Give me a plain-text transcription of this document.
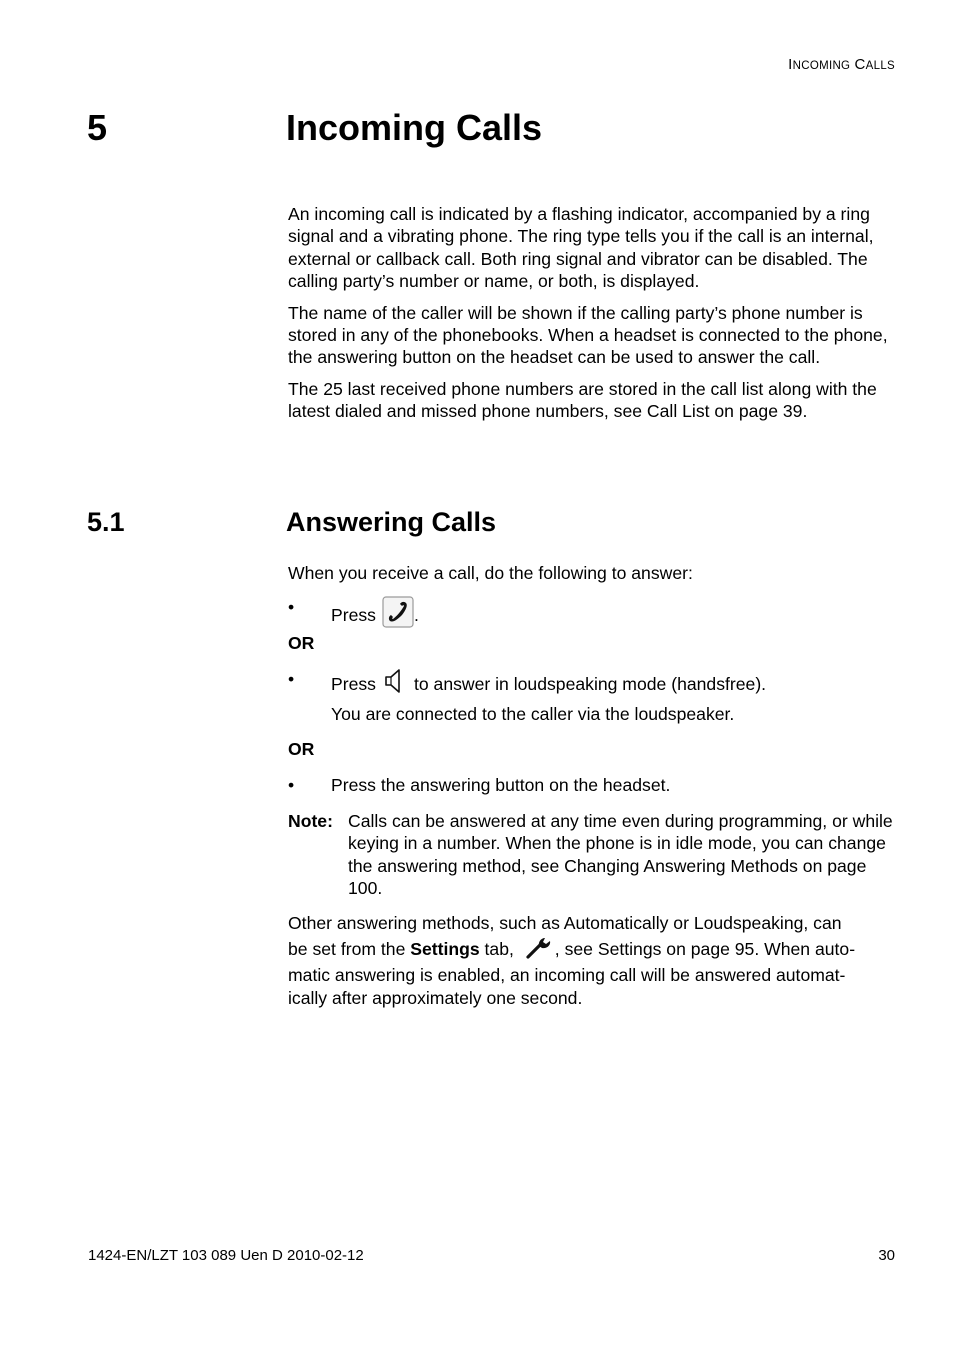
INCOMING CALLS
5	Incoming Calls

An incoming call is indicated by a flashing indicator, accompanied by a ring signal and a vibrating phone. The ring type tells you if the call is an internal, external or callback call. Both ring signal and vibrator can be disabled. The calling party’s number or name, or both, is displayed.

The name of the caller will be shown if the calling party’s phone number is stored in any of the phonebooks. When a headset is connected to the phone, the answering button on the headset can be used to answer the call.

The 25 last received phone numbers are stored in the call list along with the latest dialed and missed phone numbers, see Call List on page 39.

5.1	Answering Calls
When you receive a call, do the following to answer:
• Press .
OR
• Press to answer in loudspeaking mode (handsfree).
You are connected to the caller via the loudspeaker.
OR
• Press the answering button on the headset.
Note: Calls can be answered at any time even during programming, or while keying in a number. When the phone is in idle mode, you can change the answering method, see Changing Answering Methods on page 100.
Other answering methods, such as Automatically or Loudspeaking, can
be set from the Settings tab, , see Settings on page 95. When auto-
matic answering is enabled, an incoming call will be answered automat-
ically after approximately one second.
1424-EN/LZT 103 089 Uen D 2010-02-12	30
